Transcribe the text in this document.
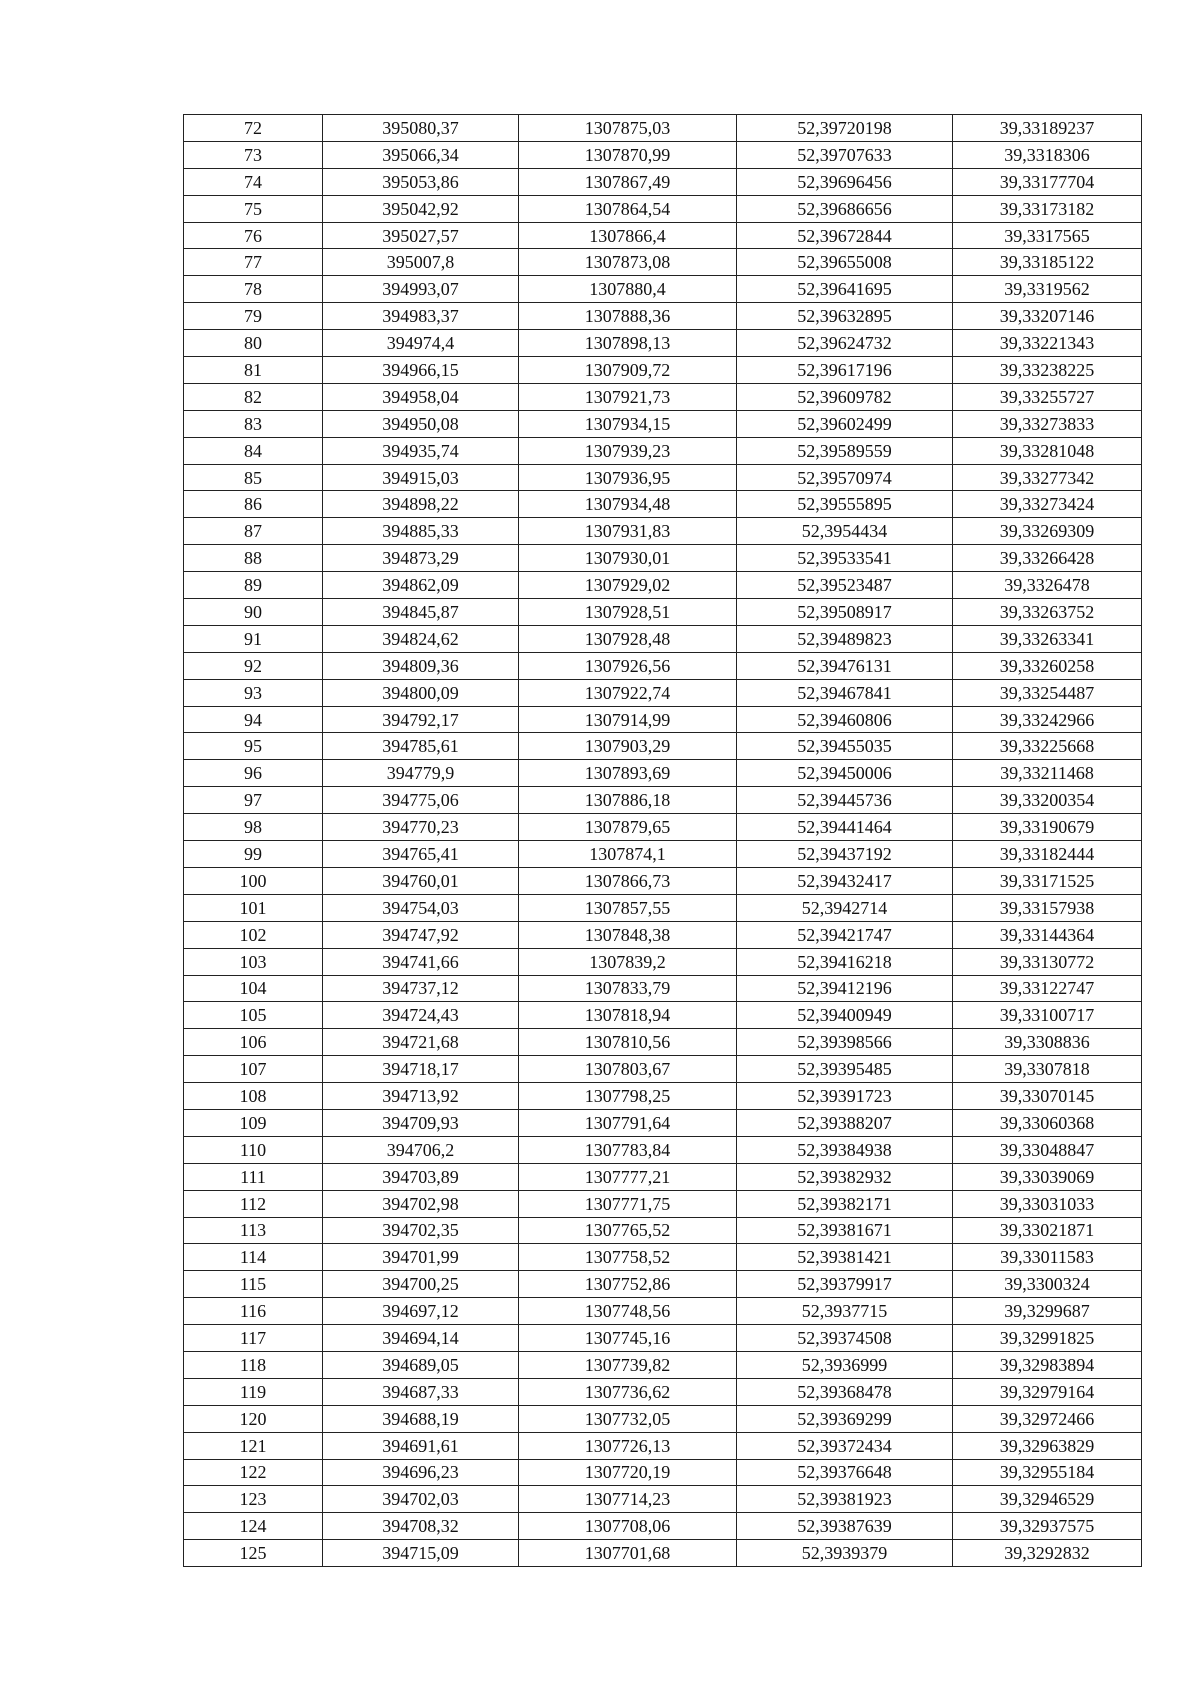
72	395080,37	1307875,03	52,39720198	39,33189237
73	395066,34	1307870,99	52,39707633	39,3318306
74	395053,86	1307867,49	52,39696456	39,33177704
75	395042,92	1307864,54	52,39686656	39,33173182
76	395027,57	1307866,4	52,39672844	39,3317565
77	395007,8	1307873,08	52,39655008	39,33185122
78	394993,07	1307880,4	52,39641695	39,3319562
79	394983,37	1307888,36	52,39632895	39,33207146
80	394974,4	1307898,13	52,39624732	39,33221343
81	394966,15	1307909,72	52,39617196	39,33238225
82	394958,04	1307921,73	52,39609782	39,33255727
83	394950,08	1307934,15	52,39602499	39,33273833
84	394935,74	1307939,23	52,39589559	39,33281048
85	394915,03	1307936,95	52,39570974	39,33277342
86	394898,22	1307934,48	52,39555895	39,33273424
87	394885,33	1307931,83	52,3954434	39,33269309
88	394873,29	1307930,01	52,39533541	39,33266428
89	394862,09	1307929,02	52,39523487	39,3326478
90	394845,87	1307928,51	52,39508917	39,33263752
91	394824,62	1307928,48	52,39489823	39,33263341
92	394809,36	1307926,56	52,39476131	39,33260258
93	394800,09	1307922,74	52,39467841	39,33254487
94	394792,17	1307914,99	52,39460806	39,33242966
95	394785,61	1307903,29	52,39455035	39,33225668
96	394779,9	1307893,69	52,39450006	39,33211468
97	394775,06	1307886,18	52,39445736	39,33200354
98	394770,23	1307879,65	52,39441464	39,33190679
99	394765,41	1307874,1	52,39437192	39,33182444
100	394760,01	1307866,73	52,39432417	39,33171525
101	394754,03	1307857,55	52,3942714	39,33157938
102	394747,92	1307848,38	52,39421747	39,33144364
103	394741,66	1307839,2	52,39416218	39,33130772
104	394737,12	1307833,79	52,39412196	39,33122747
105	394724,43	1307818,94	52,39400949	39,33100717
106	394721,68	1307810,56	52,39398566	39,3308836
107	394718,17	1307803,67	52,39395485	39,3307818
108	394713,92	1307798,25	52,39391723	39,33070145
109	394709,93	1307791,64	52,39388207	39,33060368
110	394706,2	1307783,84	52,39384938	39,33048847
111	394703,89	1307777,21	52,39382932	39,33039069
112	394702,98	1307771,75	52,39382171	39,33031033
113	394702,35	1307765,52	52,39381671	39,33021871
114	394701,99	1307758,52	52,39381421	39,33011583
115	394700,25	1307752,86	52,39379917	39,3300324
116	394697,12	1307748,56	52,3937715	39,3299687
117	394694,14	1307745,16	52,39374508	39,32991825
118	394689,05	1307739,82	52,3936999	39,32983894
119	394687,33	1307736,62	52,39368478	39,32979164
120	394688,19	1307732,05	52,39369299	39,32972466
121	394691,61	1307726,13	52,39372434	39,32963829
122	394696,23	1307720,19	52,39376648	39,32955184
123	394702,03	1307714,23	52,39381923	39,32946529
124	394708,32	1307708,06	52,39387639	39,32937575
125	394715,09	1307701,68	52,3939379	39,3292832
